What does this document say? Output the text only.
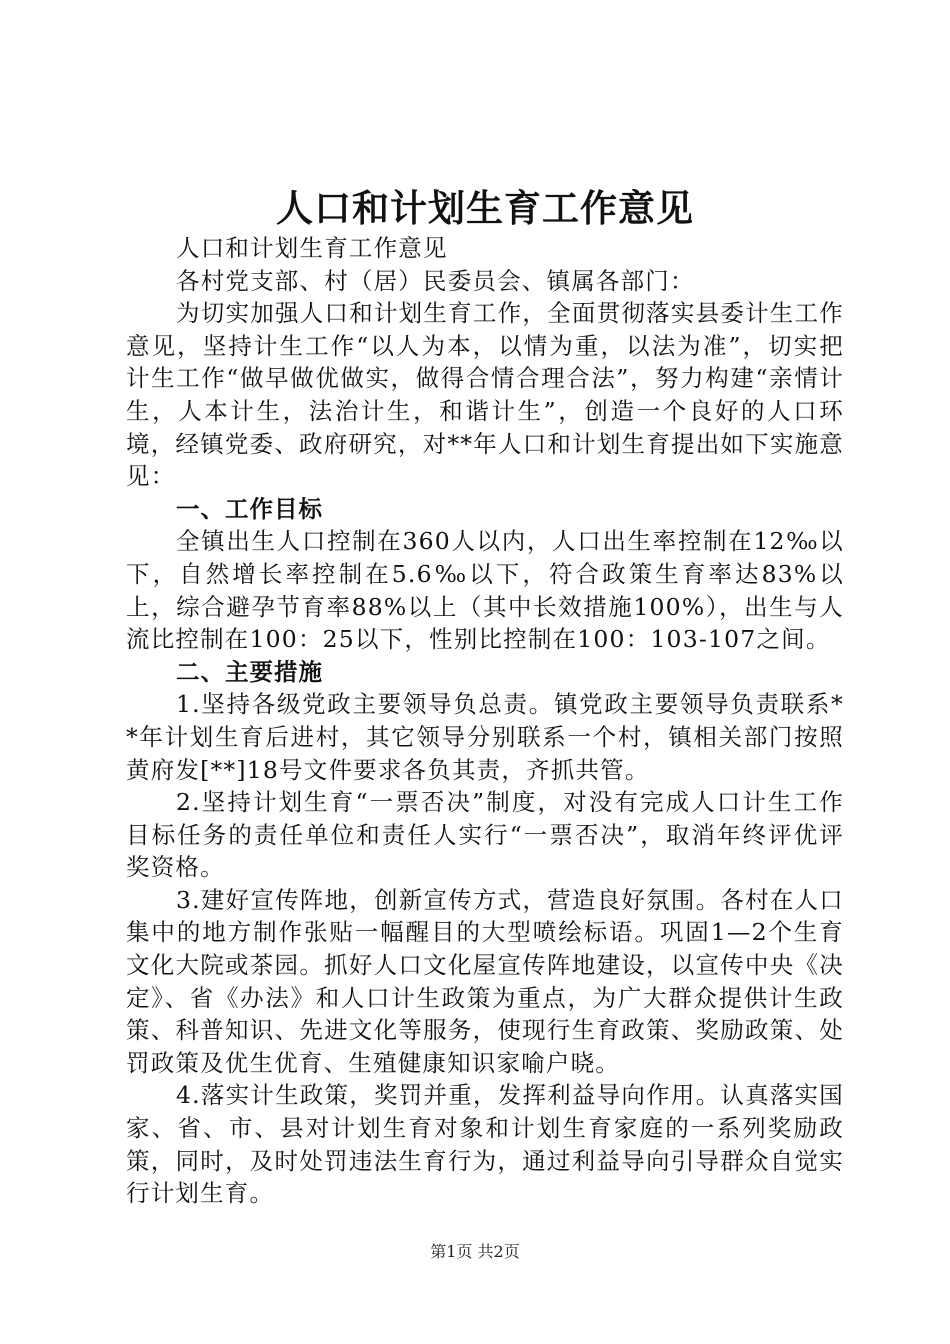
人口和计划生育工作意见

人口和计划生育工作意见

各村党支部、村（居）民委员会、镇属各部门：

为切实加强人口和计划生育工作，全面贯彻落实县委计生工作意见，坚持计生工作“以人为本，以情为重，以法为准”，切实把计生工作“做早做优做实，做得合情合理合法”，努力构建“亲情计生，人本计生，法治计生，和谐计生”，创造一个良好的人口环境，经镇党委、政府研究，对**年人口和计划生育提出如下实施意见：

一、工作目标

全镇出生人口控制在360人以内，人口出生率控制在12‰以下，自然增长率控制在5.6‰以下，符合政策生育率达83%以上，综合避孕节育率88%以上（其中长效措施100%），出生与人流比控制在100：25以下，性别比控制在100：103-107之间。

二、主要措施

1.坚持各级党政主要领导负总责。镇党政主要领导负责联系**年计划生育后进村，其它领导分别联系一个村，镇相关部门按照黄府发[**]18号文件要求各负其责，齐抓共管。

2.坚持计划生育“一票否决”制度，对没有完成人口计生工作目标任务的责任单位和责任人实行“一票否决”，取消年终评优评奖资格。

3.建好宣传阵地，创新宣传方式，营造良好氛围。各村在人口集中的地方制作张贴一幅醒目的大型喷绘标语。巩固1—2个生育文化大院或茶园。抓好人口文化屋宣传阵地建设，以宣传中央《决定》、省《办法》和人口计生政策为重点，为广大群众提供计生政策、科普知识、先进文化等服务，使现行生育政策、奖励政策、处罚政策及优生优育、生殖健康知识家喻户晓。

4.落实计生政策，奖罚并重，发挥利益导向作用。认真落实国家、省、市、县对计划生育对象和计划生育家庭的一系列奖励政策，同时，及时处罚违法生育行为，通过利益导向引导群众自觉实行计划生育。

第1页 共2页
